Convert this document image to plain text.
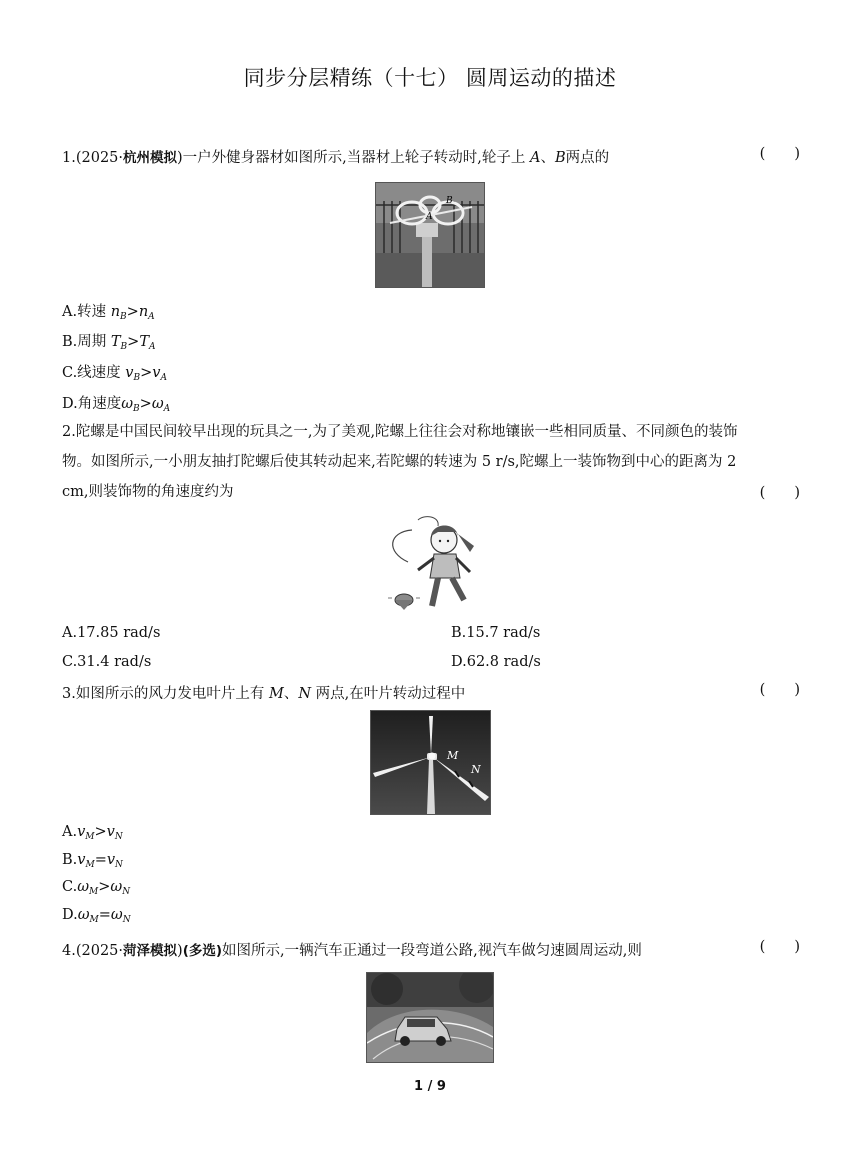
同步分层精练（十七） 圆周运动的描述
1.(2025·杭州模拟)一户外健身器材如图所示,当器材上轮子转动时,轮子上 A、B两点的	(  )
A
B
A.转速 $n_B>n_A$
B.周期 $T_B>T_A$
C.线速度 $v_B>v_A$
D.角速度$\omega_B>\omega_A$
2.陀螺是中国民间较早出现的玩具之一,为了美观,陀螺上往往会对称地镶嵌一些相同质量、不同颜色的装饰
物。如图所示,一小朋友抽打陀螺后使其转动起来,若陀螺的转速为 5 r/s,陀螺上一装饰物到中心的距离为 2
cm,则装饰物的角速度约为	(  )
A.17.85 rad/s	B.15.7 rad/s
C.31.4 rad/s	D.62.8 rad/s
3.如图所示的风力发电叶片上有 M、N 两点,在叶片转动过程中	(  )
M
N
$A.v_M>v_N$
$B.v_M=v_N$
$C.\omega_M>\omega_N$
$D.\omega_M=\omega_N$
4.(2025·菏泽模拟)(多选)如图所示,一辆汽车正通过一段弯道公路,视汽车做匀速圆周运动,则	(  )
1 / 9
